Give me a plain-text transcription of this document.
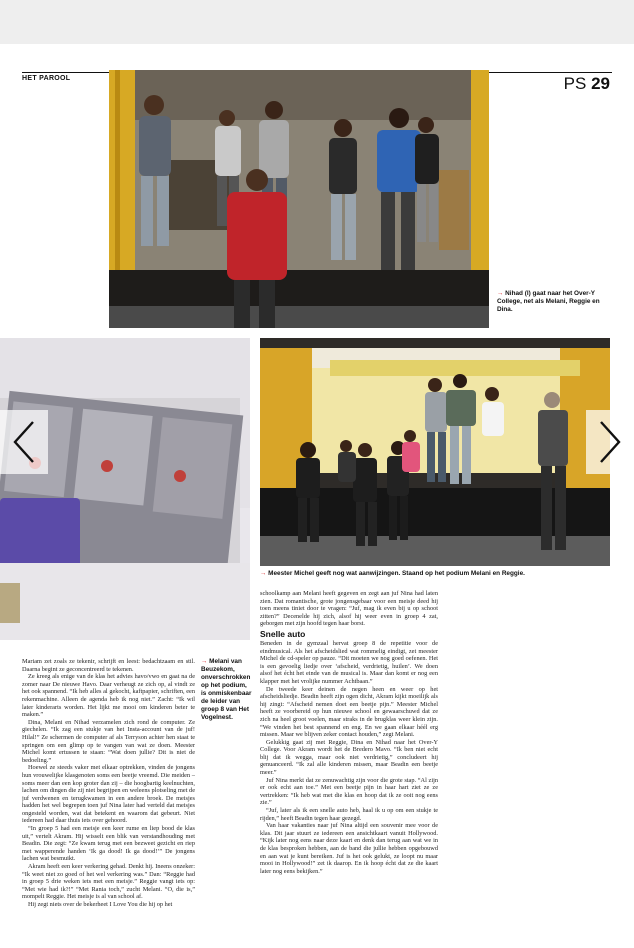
HET PAROOL	PS 29
→ Nihad (l) gaat naar het Over-Y College, net als Melani, Reggie en Dina.
→ Meester Michel geeft nog wat aanwijzingen. Staand op het podium Melani en Reggie.
→ Melani van Beuzekom, onverschrokken op het podium, is onmiskenbaar de leider van groep 8 van Het Vogelnest.

Mariam zet zoals ze tekenir, schrijft en leest: bedachtzaam en stil. Daarna begint ze geconcentreerd te tekenen.

Ze kreeg als enige van de klas het advies havo/vwo en gaat na de zomer naar De nieuwe Havo. Daar verheugt ze zich op, al vindt ze het ook spannend. “Ik heb alles al gekocht, kaftpapier, schriften, een rekenmachine. Alleen de agenda heb ik nog niet.” Zacht: “Ik wil later kinderarts worden. Het lijkt me mooi om kinderen beter te maken.”

Dina, Melani en Nihad verzamelen zich rond de computer. Ze giechelen. “Ik zag een stukje van het Insta-account van de juf! Hilal!” Ze schermen de computer af als Terryson achter hen staat te springen om een glimp op te vangen van wat ze doen. Meester Michel komt ertussen te staan: “Wat doen jullie? Dit is niet de bedoeling.”

Hoewel ze steeds vaker met elkaar optrekken, vinden de jongens hun vrouwelijke klasgenoten soms een beetje vreemd. Die meiden – soms meer dan een kop groter dan zij – die hoogbartig keelnuchten, lachen om dingen die zij niet begrijpen en weleens plotseling met de juf verdwenen en terugkwamen in een andere broek. De meisjes hadden het wel begrepen toen juf Nina later had verteld dat meisjes ongesteld worden, wat dat betekent en waarom dat gebeurt. Niet iedereen had daar thuis iets over gehoord.

“In groep 5 had een meisje een keer rume en liep bood de klas uit,” vertelt Akram. Hij wisselt een blik van verstandhouding met Beadin. Die zegt: “Ze kwam terug met een bezweet gezicht en riep met wapperende handen ‘Ik ga dood! Ik ga dood!’” De jongens lachen wat besmuikt.

Akram heeft een keer verkering gehad. Denkt hij. Ineens onzeker: “Ik weet niet zo goed of het wel verkering was.” Dan: “Reggie had in groep 5 drie weken iets met een meisje.” Reggie vangt iets op: “Met wie had ik?!” “Met Rania toch,” zucht Melani. “O, die is,” mompelt Reggie. Het meisje is al van school af.

Hij zegt niets over de bekerheet I Love You die hij op het

schoolkamp aan Melani heeft gegeven en zegt aan juf Nina had laten zien. Dat romantische, grote jongensgebaar voor een meisje deed hij toen meens tiniet door te vragen: “Juf, mag ik even bij u op schoot zitten?” Decenelde hij zich, alsof hij weer even in groep 4 zat, geborgen met zijn hoofd tegen haar borst.

Snelle auto

Beneden in de gymzaal hervat groep 8 de repetitie voor de eindmusical. Als het afscheidslied wat rommelig eindigt, zet meester Michel de cd-speler op pauze. “Dit moeten we nog goed oefenen. Het is een gevoelig liedje over ‘afscheid, verdrietig, huilen’. We doen alsof het écht het einde van de musical is. Maar dan komt er nog een klapper met het vrolijke nummer Achtbaan.”

De tweede keer deinen de negen heen en weer op het afscheidsliedje. Beadin heeft zijn ogen dicht, Akram kijkt moeilijk als hij zingt: “Afscheid nemen doet een beetje pijn.” Meester Michel heeft ze voorbereid op hun nieuwe school en gewaarschuwd dat ze zich na heel groot voelen, maar straks in de brugklas weer klein zijn. “We vinden het best spannend en eng. En we gaan elkaar héél erg missen. Maar we blijven zeker contact houden,” zegt Melani.

Gelukkig gaat zij met Reggie, Dina en Nihad naar het Over-Y College. Voor Akram wordt het de Bredero Mavo. “Ik ben niet echt blij dat ik wegga, maar ook niet verdrietig,” concludeert hij genuanceerd. “Ik zal alle kinderen missen, maar Beadin een beetje meer.”

Juf Nina merkt dat ze zenuwachtig zijn voor die grote stap. “Al zijn er ook echt aan toe.” Met een beetje pijn in haar hart ziet ze ze vertrekken: “Ik heb wat met die klas en hoop dat ik ze ooit nog eens zie.”

“Juf, later als ik een snelle auto heb, haal ik u op om een stukje te rijden,” heeft Beadin tegen haar gezegd.

Van haar vakanties naar juf Nina altijd een souvenir mee voor de klas. Dit jaar stuurt ze iedereen een ansichtkaart vanuit Hollywood. “Kijk later nog eens naar deze kaart en denk dan terug aan wat we in de klas besproken hebben, aan de band die jullie hebben opgebouwd en aan wat je kunt bereiken. Juf is het ook gelukt, ze loopt nu maar mooi in Hollywood!” zet ik daarop. En ik hoop écht dat ze die kaart later nog eens bekijken.”
